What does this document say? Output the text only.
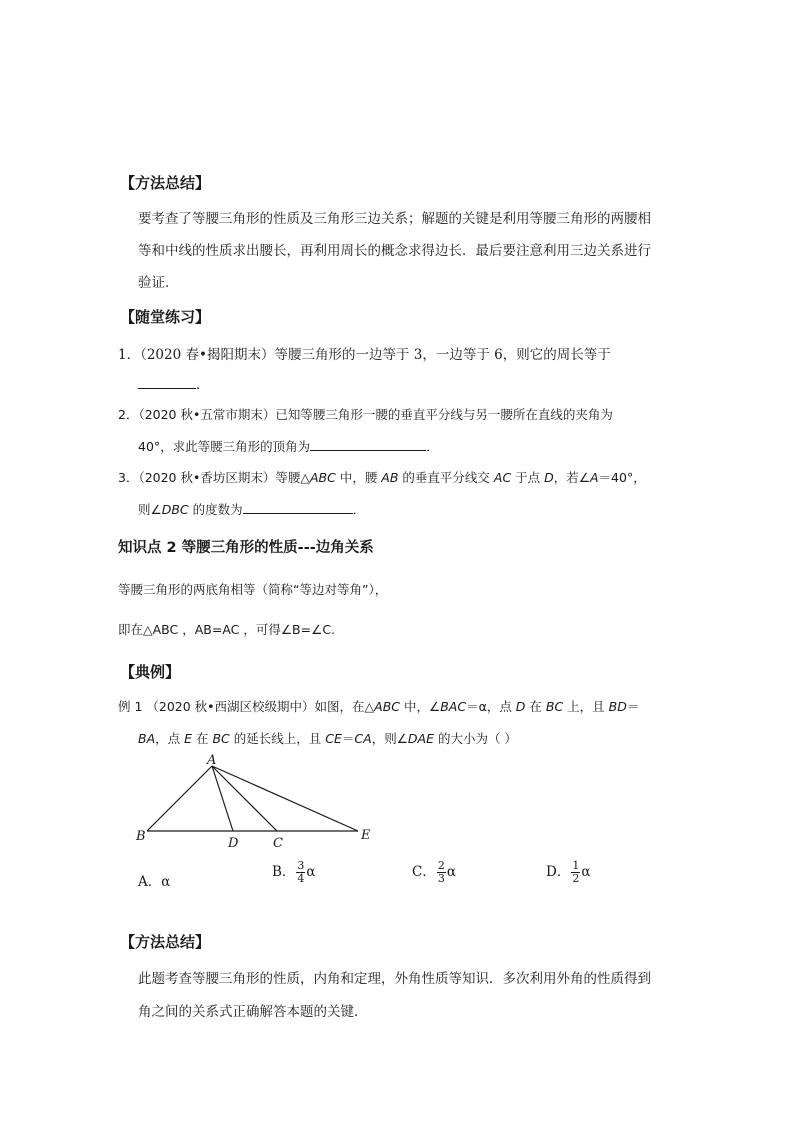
【方法总结】
要考查了等腰三角形的性质及三角形三边关系；解题的关键是利用等腰三角形的两腰相
等和中线的性质求出腰长，再利用周长的概念求得边长．最后要注意利用三边关系进行
验证．
【随堂练习】
1．（2020 春•揭阳期末）等腰三角形的一边等于 3，一边等于 6，则它的周长等于
．
2．（2020 秋•五常市期末）已知等腰三角形一腰的垂直平分线与另一腰所在直线的夹角为
40°，求此等腰三角形的顶角为	．
3．（2020 秋•香坊区期末）等腰△ABC 中，腰 AB 的垂直平分线交 AC 于点 D，若∠A＝40°，
则∠DBC 的度数为	．
知识点 2 等腰三角形的性质---边角关系
等腰三角形的两底角相等（简称“等边对等角”），
即在△ABC ，AB=AC ，可得∠B=∠C.
【典例】
例 1 （2020 秋•西湖区校级期中）如图，在△ABC 中，∠BAC＝α，点 D 在 BC 上，且 BD＝
BA，点 E 在 BC 的延长线上，且 CE＝CA，则∠DAE 的大小为（ ）
A
B	D	C
E
A．α
B． $\frac{3}{4}$ α	C． $\frac{2}{3}$ α	D． $\frac{1}{2}$ α
【方法总结】
此题考查等腰三角形的性质，内角和定理，外角性质等知识．多次利用外角的性质得到
角之间的关系式正确解答本题的关键．
